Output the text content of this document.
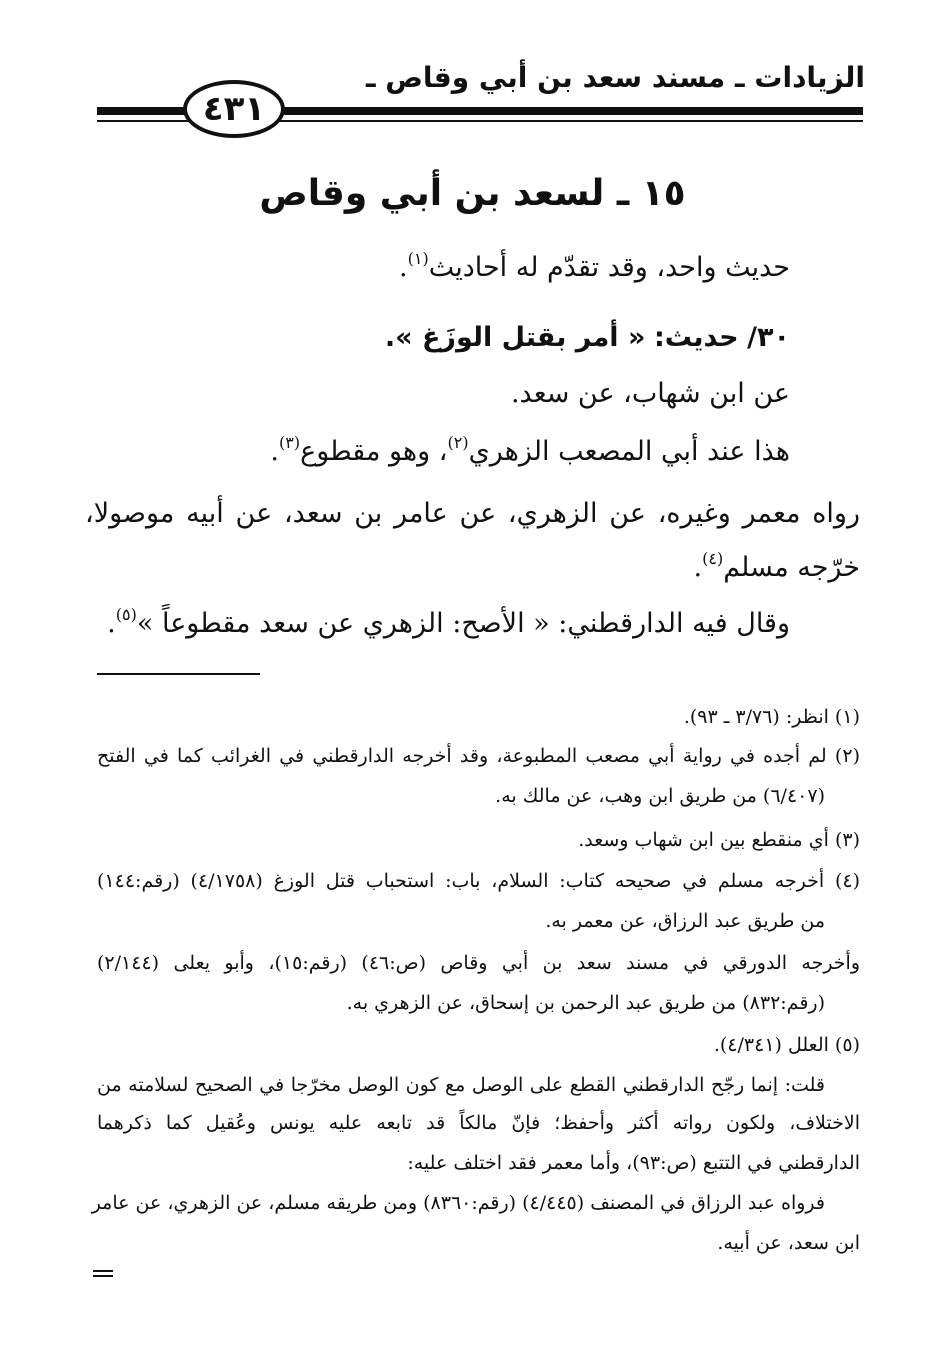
الزيادات ـ مسند سعد بن أبي وقاص ـ
٤٣١
١٥ ـ لسعد بن أبي وقاص
حديث واحد، وقد تقدّم له أحاديث$^{(١)}$.
٣٠/ حديث: « أمر بقتل الوزَغ ».
عن ابن شهاب، عن سعد.
هذا عند أبي المصعب الزهري$^{(٢)}$، وهو مقطوع$^{(٣)}$.
رواه معمر وغيره، عن الزهري، عن عامر بن سعد، عن أبيه موصولا،
خرّجه مسلم$^{(٤)}$.
وقال فيه الدارقطني: « الأصح: الزهري عن سعد مقطوعاً »$^{(٥)}$.
(١) انظر: (٣/٧٦ ـ ٩٣).
(٢) لم أجده في رواية أبي مصعب المطبوعة، وقد أخرجه الدارقطني في الغرائب كما في الفتح
(٦/٤٠٧) من طريق ابن وهب، عن مالك به.
(٣) أي منقطع بين ابن شهاب وسعد.
(٤) أخرجه مسلم في صحيحه كتاب: السلام، باب: استحباب قتل الوزغ (٤/١٧٥٨) (رقم:١٤٤)
من طريق عبد الرزاق، عن معمر به.
وأخرجه الدورقي في مسند سعد بن أبي وقاص (ص:٤٦) (رقم:١٥)، وأبو يعلى (٢/١٤٤)
(رقم:٨٣٢) من طريق عبد الرحمن بن إسحاق، عن الزهري به.
(٥) العلل (٤/٣٤١).
قلت: إنما رجّح الدارقطني القطع على الوصل مع كون الوصل مخرّجا في الصحيح لسلامته من
الاختلاف، ولكون رواته أكثر وأحفظ؛ فإنّ مالكاً قد تابعه عليه يونس وعُقيل كما ذكرهما
الدارقطني في التتبع (ص:٩٣)، وأما معمر فقد اختلف عليه:
فرواه عبد الرزاق في المصنف (٤/٤٤٥) (رقم:٨٣٦٠) ومن طريقه مسلم، عن الزهري، عن عامر
ابن سعد، عن أبيه.
